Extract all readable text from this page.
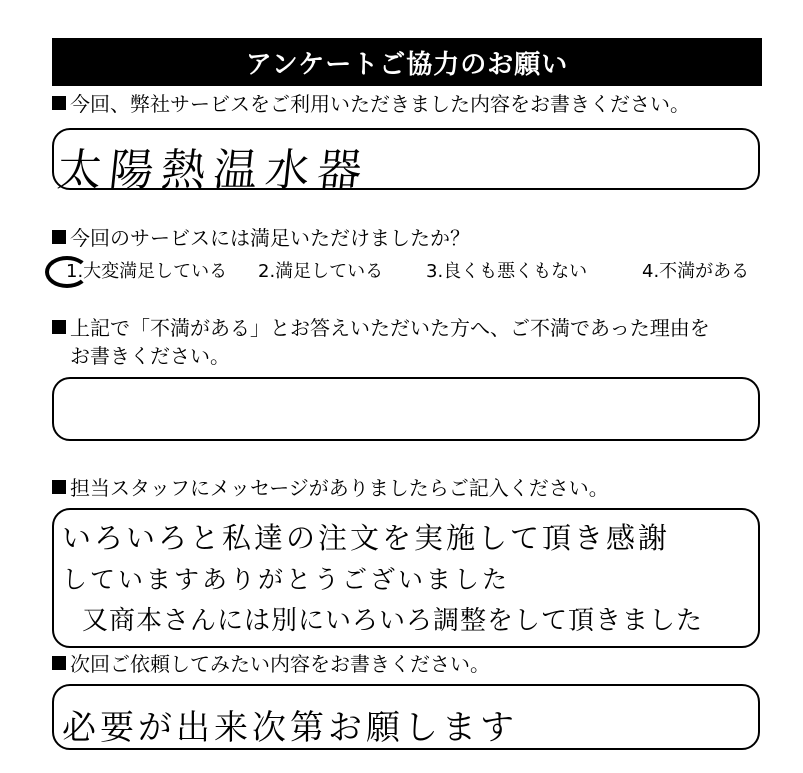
アンケートご協力のお願い
今回、弊社サービスをご利用いただきました内容をお書きください。
太陽熱温水器
今回のサービスには満足いただけましたか？
1.大変満足している 2.満足している 3.良くも悪くもない	4.不満がある
上記で「不満がある」とお答えいただいた方へ、ご不満であった理由を
お書きください。
担当スタッフにメッセージがありましたらご記入ください。
いろいろと私達の注文を実施して頂き感謝
していますありがとうございました
又商本さんには別にいろいろ調整をして頂きました
次回ご依頼してみたい内容をお書きください。
必要が出来次第お願します
